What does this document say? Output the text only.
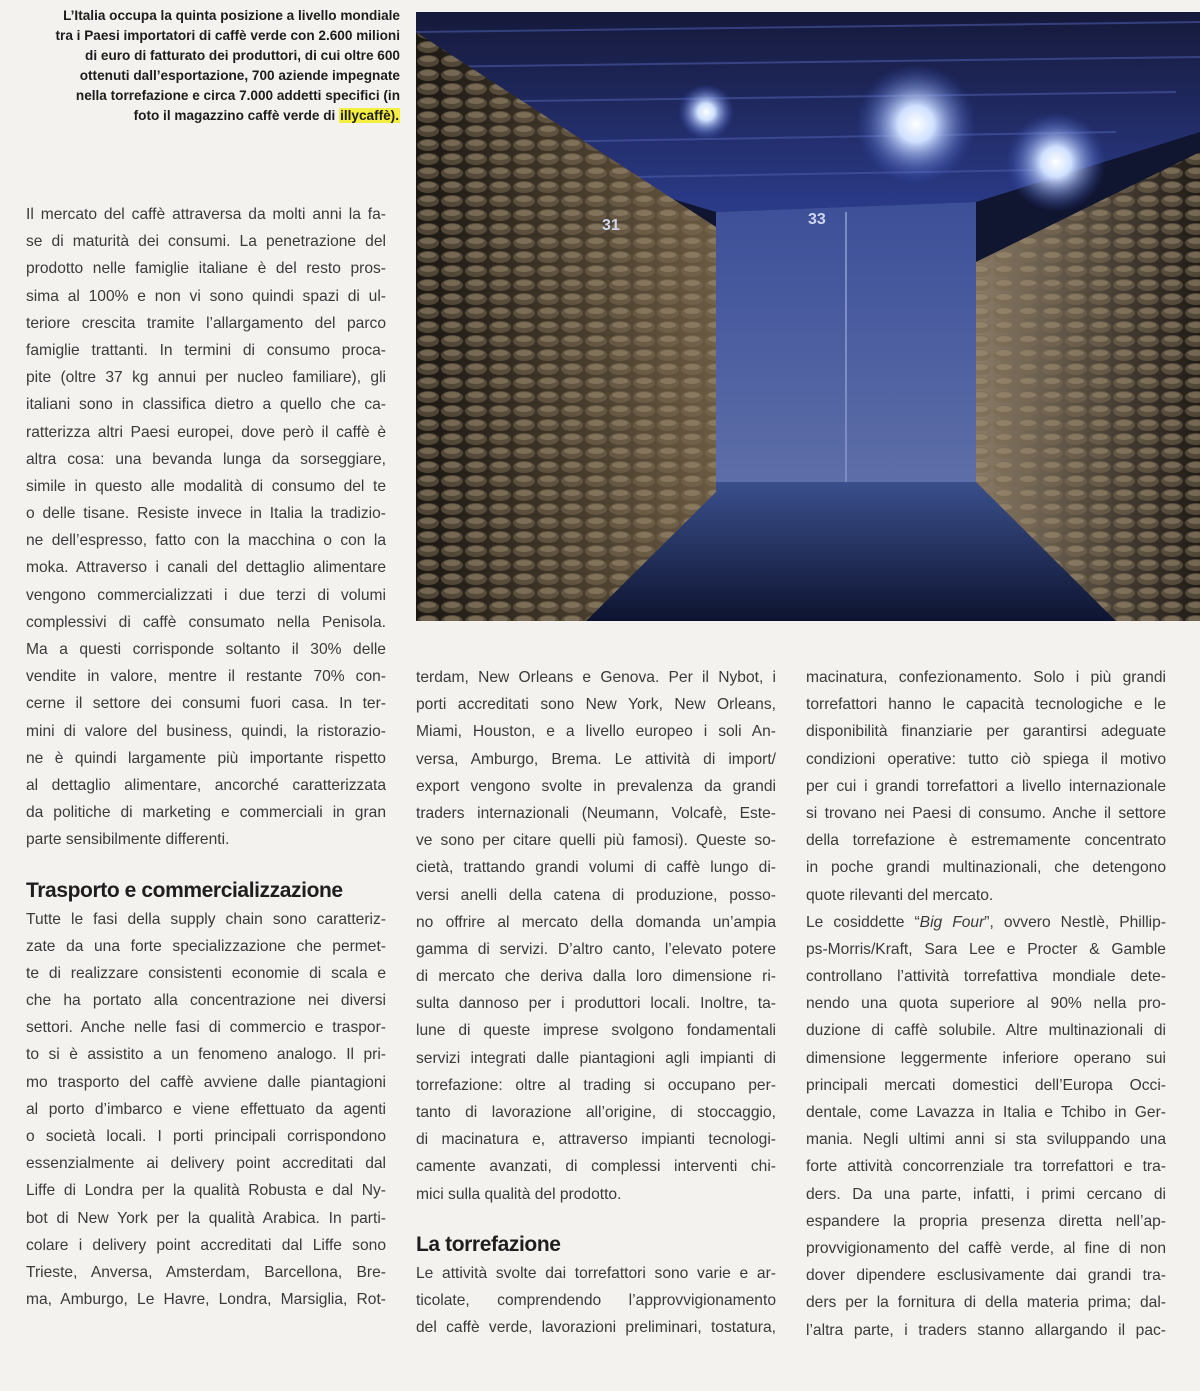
L’Italia occupa la quinta posizione a livello mondiale
tra i Paesi importatori di caffè verde con 2.600 milioni
di euro di fatturato dei produttori, di cui oltre 600
ottenuti dall’esportazione, 700 aziende impegnate
nella torrefazione e circa 7.000 addetti specifici (in
foto il magazzino caffè verde di illycaffè).
31	33
Il mercato del caffè attraversa da molti anni la fa-
se di maturità dei consumi. La penetrazione del
prodotto nelle famiglie italiane è del resto pros-
sima al 100% e non vi sono quindi spazi di ul-
teriore crescita tramite l’allargamento del parco
famiglie trattanti. In termini di consumo proca-
pite (oltre 37 kg annui per nucleo familiare), gli
italiani sono in classifica dietro a quello che ca-
ratterizza altri Paesi europei, dove però il caffè è
altra cosa: una bevanda lunga da sorseggiare,
simile in questo alle modalità di consumo del te
o delle tisane. Resiste invece in Italia la tradizio-
ne dell’espresso, fatto con la macchina o con la
moka. Attraverso i canali del dettaglio alimentare
vengono commercializzati i due terzi di volumi
complessivi di caffè consumato nella Penisola.
Ma a questi corrisponde soltanto il 30% delle
vendite in valore, mentre il restante 70% con-
cerne il settore dei consumi fuori casa. In ter-
mini di valore del business, quindi, la ristorazio-
ne è quindi largamente più importante rispetto
al dettaglio alimentare, ancorché caratterizzata
da politiche di marketing e commerciali in gran
parte sensibilmente differenti.
Trasporto e commercializzazione
Tutte le fasi della supply chain sono caratteriz-
zate da una forte specializzazione che permet-
te di realizzare consistenti economie di scala e
che ha portato alla concentrazione nei diversi
settori. Anche nelle fasi di commercio e traspor-
to si è assistito a un fenomeno analogo. Il pri-
mo trasporto del caffè avviene dalle piantagioni
al porto d’imbarco e viene effettuato da agenti
o società locali. I porti principali corrispondono
essenzialmente ai delivery point accreditati dal
Liffe di Londra per la qualità Robusta e dal Ny-
bot di New York per la qualità Arabica. In parti-
colare i delivery point accreditati dal Liffe sono
Trieste, Anversa, Amsterdam, Barcellona, Bre-
ma, Amburgo, Le Havre, Londra, Marsiglia, Rot-
terdam, New Orleans e Genova. Per il Nybot, i
porti accreditati sono New York, New Orleans,
Miami, Houston, e a livello europeo i soli An-
versa, Amburgo, Brema. Le attività di import/
export vengono svolte in prevalenza da grandi
traders internazionali (Neumann, Volcafè, Este-
ve sono per citare quelli più famosi). Queste so-
cietà, trattando grandi volumi di caffè lungo di-
versi anelli della catena di produzione, posso-
no offrire al mercato della domanda un’ampia
gamma di servizi. D’altro canto, l’elevato potere
di mercato che deriva dalla loro dimensione ri-
sulta dannoso per i produttori locali. Inoltre, ta-
lune di queste imprese svolgono fondamentali
servizi integrati dalle piantagioni agli impianti di
torrefazione: oltre al trading si occupano per-
tanto di lavorazione all’origine, di stoccaggio,
di macinatura e, attraverso impianti tecnologi-
camente avanzati, di complessi interventi chi-
mici sulla qualità del prodotto.
La torrefazione
Le attività svolte dai torrefattori sono varie e ar-
ticolate, comprendendo l’approvvigionamento
del caffè verde, lavorazioni preliminari, tostatura,
macinatura, confezionamento. Solo i più grandi
torrefattori hanno le capacità tecnologiche e le
disponibilità finanziarie per garantirsi adeguate
condizioni operative: tutto ciò spiega il motivo
per cui i grandi torrefattori a livello internazionale
si trovano nei Paesi di consumo. Anche il settore
della torrefazione è estremamente concentrato
in poche grandi multinazionali, che detengono
quote rilevanti del mercato.
Le cosiddette “Big Four”, ovvero Nestlè, Phillip-
ps-Morris/Kraft, Sara Lee e Procter & Gamble
controllano l’attività torrefattiva mondiale dete-
nendo una quota superiore al 90% nella pro-
duzione di caffè solubile. Altre multinazionali di
dimensione leggermente inferiore operano sui
principali mercati domestici dell’Europa Occi-
dentale, come Lavazza in Italia e Tchibo in Ger-
mania. Negli ultimi anni si sta sviluppando una
forte attività concorrenziale tra torrefattori e tra-
ders. Da una parte, infatti, i primi cercano di
espandere la propria presenza diretta nell’ap-
provvigionamento del caffè verde, al fine di non
dover dipendere esclusivamente dai grandi tra-
ders per la fornitura di della materia prima; dal-
l’altra parte, i traders stanno allargando il pac-
